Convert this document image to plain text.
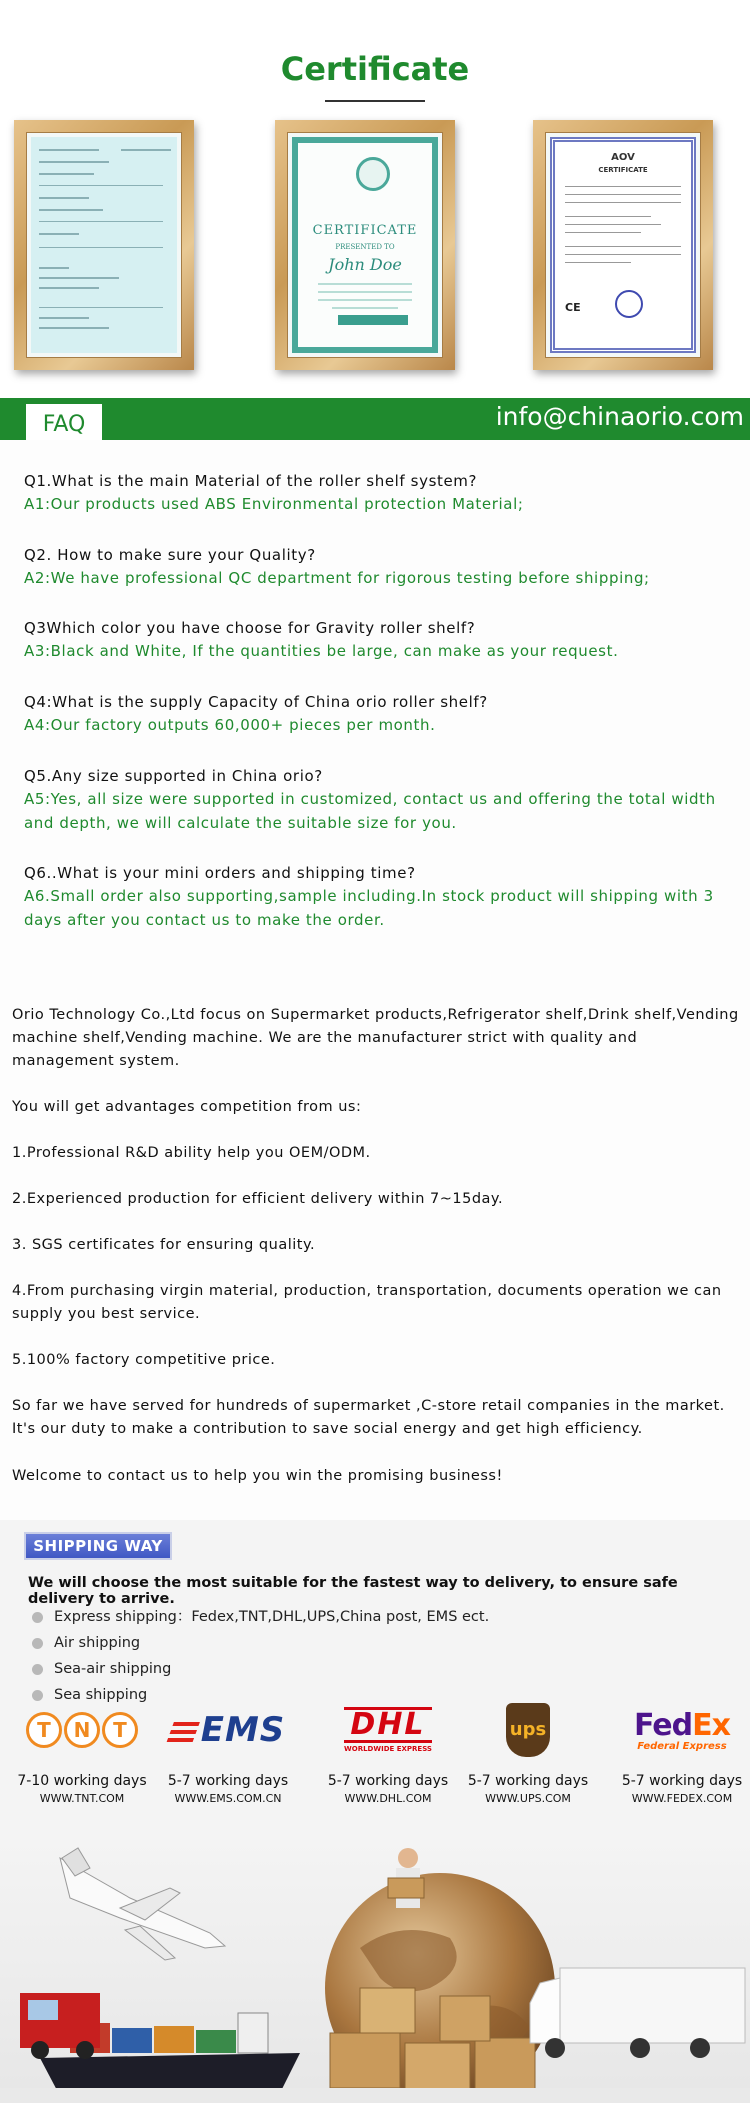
Certificate
CERTIFICATE
PRESENTED TO
John Doe
AOV
CERTIFICATE
CE
FAQ	info@chinaorio.com
Q1.What is the main Material of the roller shelf system?
A1:Our products used ABS Environmental protection Material;
Q2. How to make sure your Quality?
A2:We have professional QC department for rigorous testing before shipping;
Q3Which color you have choose for Gravity roller shelf?
A3:Black and White, If the quantities be large, can make as your request.
Q4:What is the supply Capacity of China orio roller shelf?
A4:Our factory outputs 60,000+ pieces per month.
Q5.Any size supported in China orio?
A5:Yes, all size were supported in customized, contact us and offering the total width and depth, we will calculate the suitable size for you.
Q6..What is your mini orders and shipping time?
A6.Small order also supporting,sample including.In stock product will shipping with 3 days after you contact us to make the order.
Orio Technology Co.,Ltd focus on Supermarket products,Refrigerator shelf,Drink shelf,Vending machine shelf,Vending machine. We are the manufacturer strict with quality and management system.
You will get advantages competition from us:
1.Professional R&D ability help you OEM/ODM.
2.Experienced production for efficient delivery within 7~15day.
3. SGS certificates for ensuring quality.
4.From purchasing virgin material, production, transportation, documents operation we can supply you best service.
5.100% factory competitive price.
So far we have served for hundreds of supermarket ,C-store retail companies in the market. It's our duty to make a contribution to save social energy and get high efficiency.
Welcome to contact us to help you win the promising business!
SHIPPING WAY
We will choose the most suitable for the fastest way to delivery, to ensure safe delivery to arrive.
Express shipping：Fedex,TNT,DHL,UPS,China post, EMS ect.
Air shipping
Sea-air shipping
Sea shipping
T	N	T
7-10 working days
WWW.TNT.COM
EMS
5-7 working days
WWW.EMS.COM.CN
DHL
WORLDWIDE EXPRESS
5-7 working days
WWW.DHL.COM
ups
5-7 working days
WWW.UPS.COM
FedEx
Federal Express
5-7 working days
WWW.FEDEX.COM
